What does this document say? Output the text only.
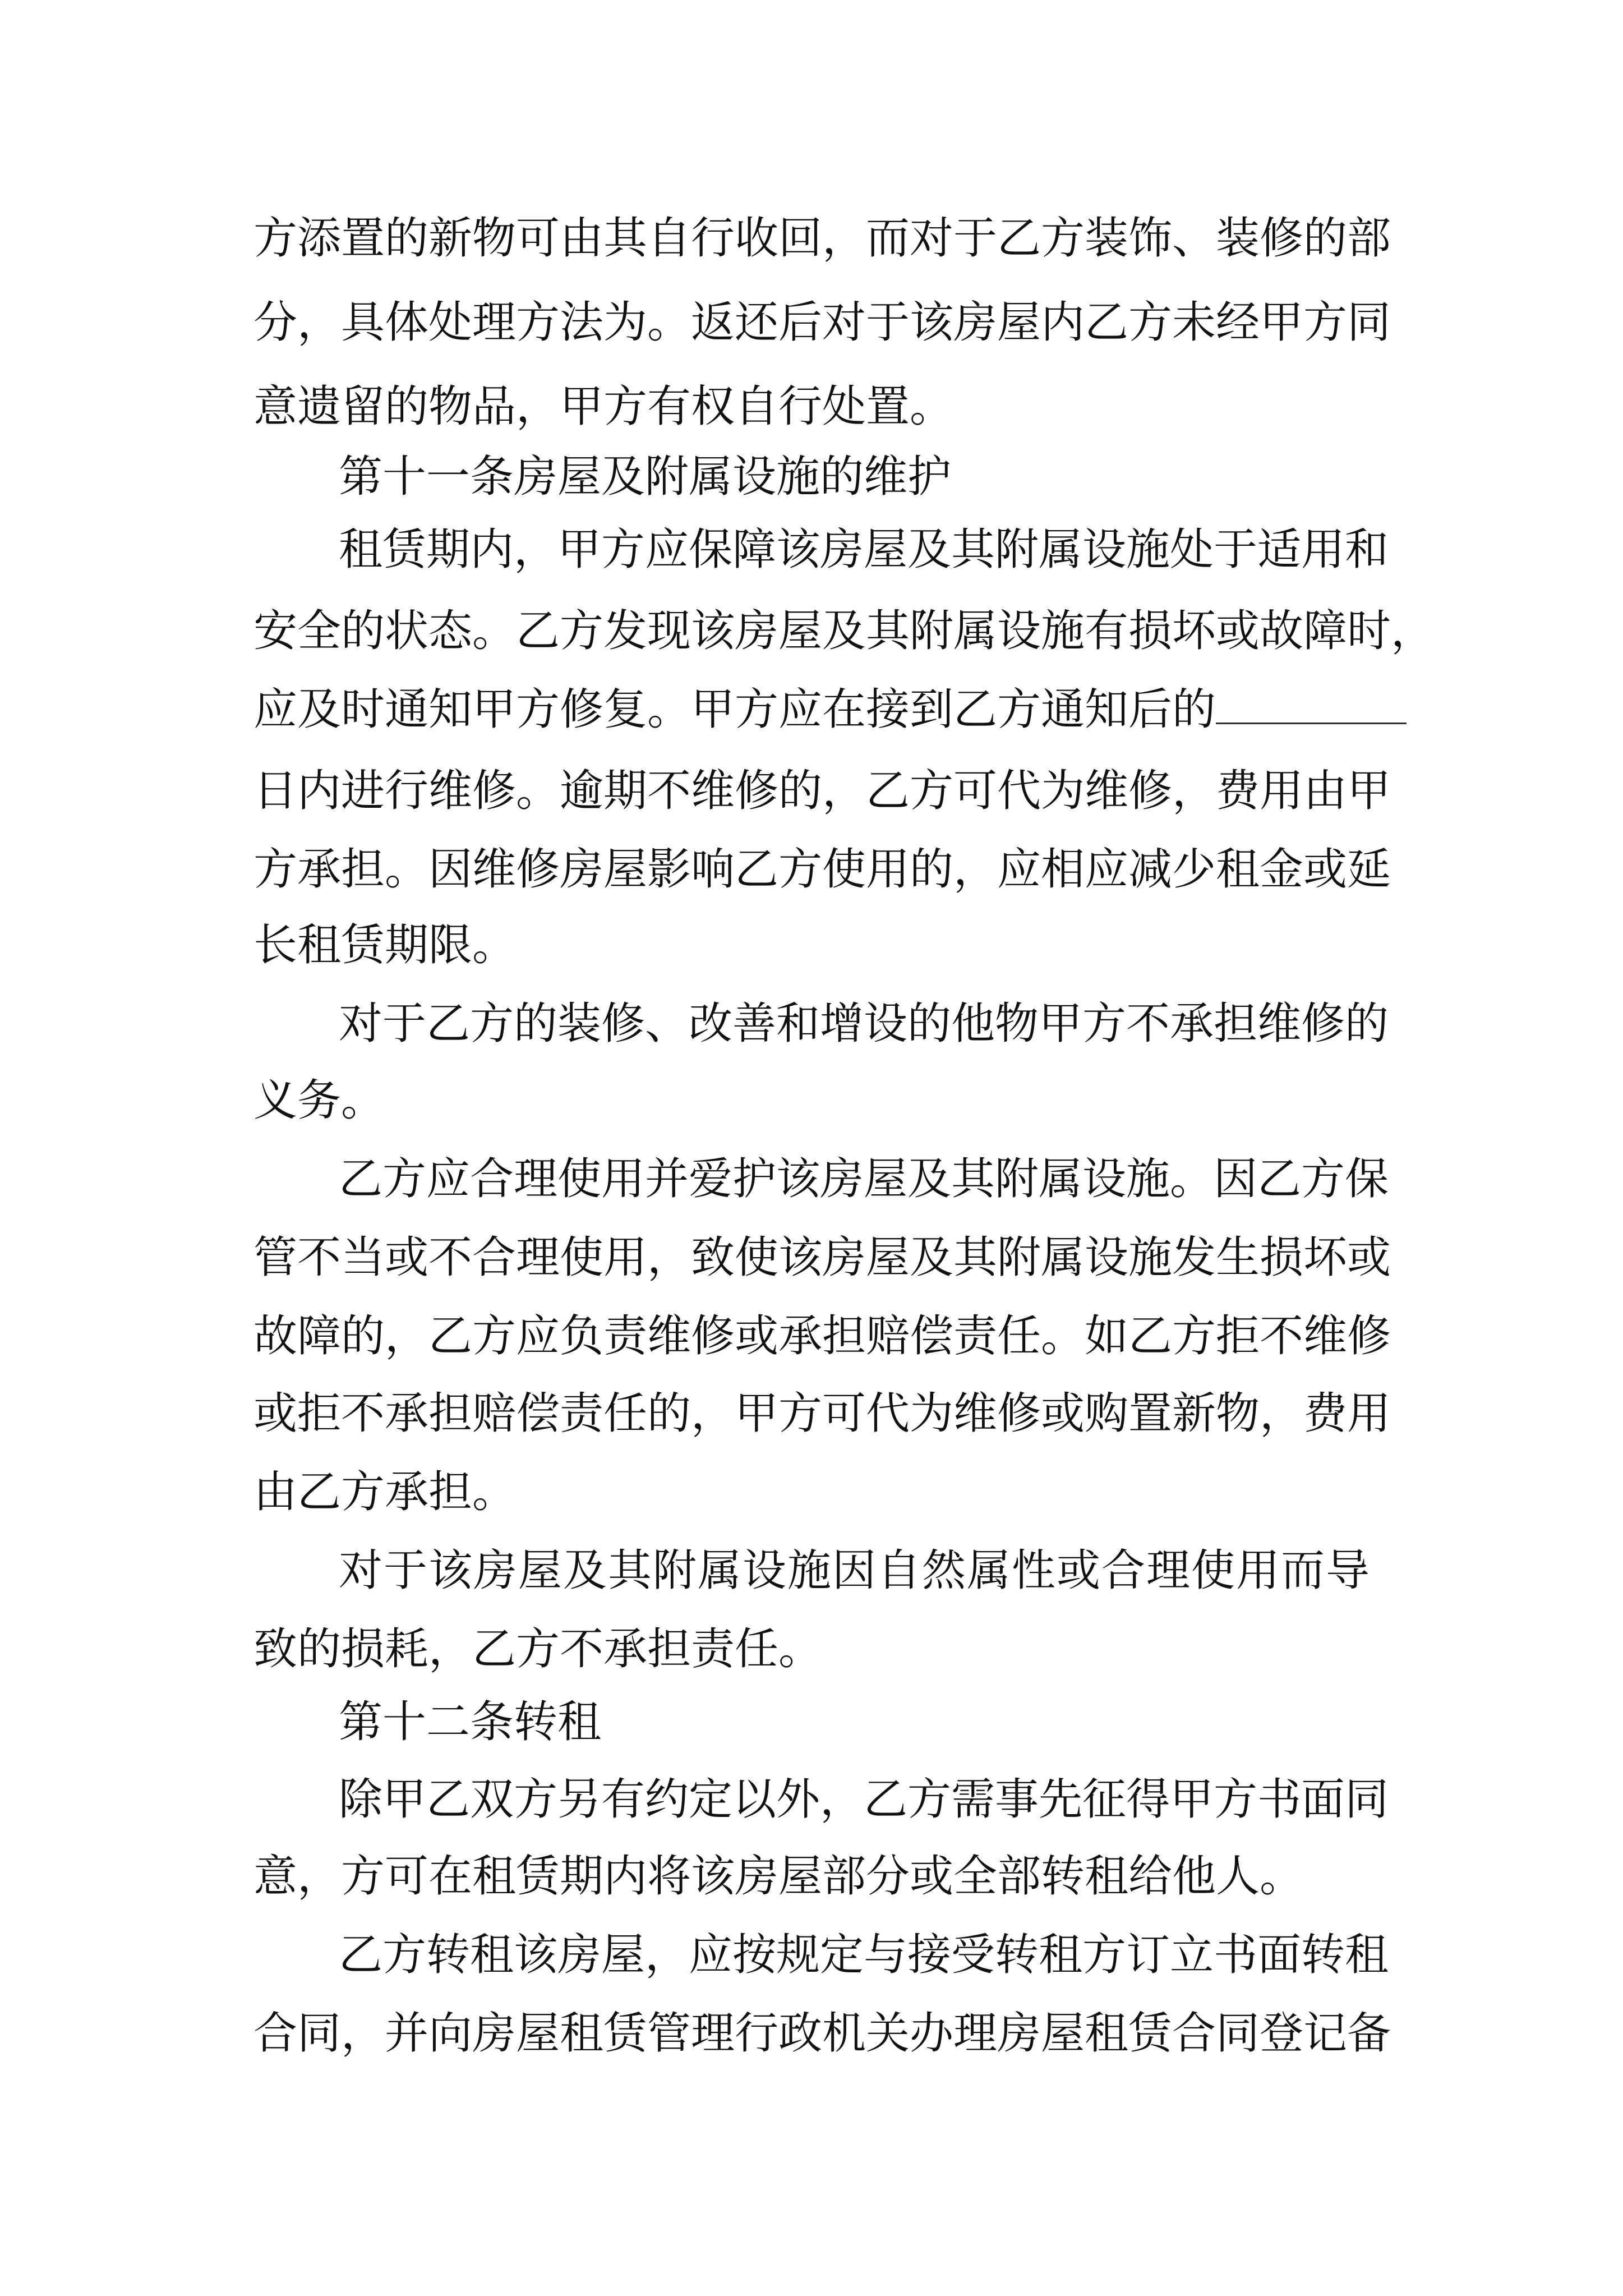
方添置的新物可由其自行收回，而对于乙方装饰、装修的部
分，具体处理方法为。返还后对于该房屋内乙方未经甲方同
意遗留的物品，甲方有权自行处置。
第十一条房屋及附属设施的维护
租赁期内，甲方应保障该房屋及其附属设施处于适用和
安全的状态。乙方发现该房屋及其附属设施有损坏或故障时，
应及时通知甲方修复。甲方应在接到乙方通知后的
日内进行维修。逾期不维修的，乙方可代为维修，费用由甲
方承担。因维修房屋影响乙方使用的，应相应减少租金或延
长租赁期限。
对于乙方的装修、改善和增设的他物甲方不承担维修的
义务。
乙方应合理使用并爱护该房屋及其附属设施。因乙方保
管不当或不合理使用，致使该房屋及其附属设施发生损坏或
故障的，乙方应负责维修或承担赔偿责任。如乙方拒不维修
或拒不承担赔偿责任的，甲方可代为维修或购置新物，费用
由乙方承担。
对于该房屋及其附属设施因自然属性或合理使用而导
致的损耗，乙方不承担责任。
第十二条转租
除甲乙双方另有约定以外，乙方需事先征得甲方书面同
意，方可在租赁期内将该房屋部分或全部转租给他人。
乙方转租该房屋，应按规定与接受转租方订立书面转租
合同，并向房屋租赁管理行政机关办理房屋租赁合同登记备
